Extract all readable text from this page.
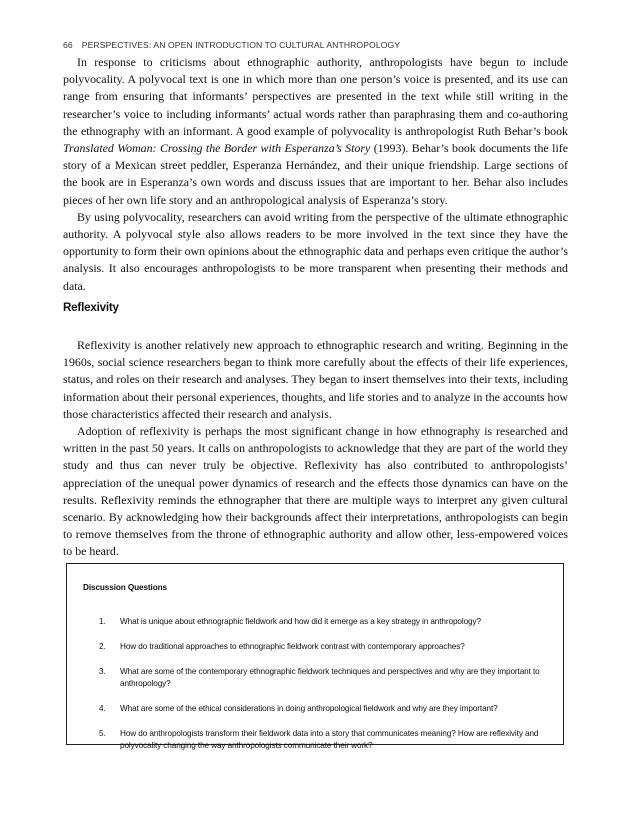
66 PERSPECTIVES: AN OPEN INTRODUCTION TO CULTURAL ANTHROPOLOGY

In response to criticisms about ethnographic authority, anthropologists have begun to include polyvocality. A polyvocal text is one in which more than one person’s voice is presented, and its use can range from ensuring that informants’ perspectives are presented in the text while still writing in the researcher’s voice to including informants’ actual words rather than paraphrasing them and co-authoring the ethnography with an informant. A good example of polyvocality is anthropologist Ruth Behar’s book Translated Woman: Crossing the Border with Esperanza’s Story (1993). Behar’s book documents the life story of a Mexican street peddler, Esperanza Hernández, and their unique friendship. Large sections of the book are in Esperanza’s own words and discuss issues that are important to her. Behar also includes pieces of her own life story and an anthropological analysis of Esperanza’s story.

By using polyvocality, researchers can avoid writing from the perspective of the ultimate ethnographic authority. A polyvocal style also allows readers to be more involved in the text since they have the opportunity to form their own opinions about the ethnographic data and perhaps even critique the author’s analysis. It also encourages anthropologists to be more transparent when presenting their methods and data.

Reflexivity

Reflexivity is another relatively new approach to ethnographic research and writing. Beginning in the 1960s, social science researchers began to think more carefully about the effects of their life experiences, status, and roles on their research and analyses. They began to insert themselves into their texts, including information about their personal experiences, thoughts, and life stories and to analyze in the accounts how those characteristics affected their research and analysis.

Adoption of reflexivity is perhaps the most significant change in how ethnography is researched and written in the past 50 years. It calls on anthropologists to acknowledge that they are part of the world they study and thus can never truly be objective. Reflexivity has also contributed to anthropologists’ appreciation of the unequal power dynamics of research and the effects those dynamics can have on the results. Reflexivity reminds the ethnographer that there are multiple ways to interpret any given cultural scenario. By acknowledging how their backgrounds affect their interpretations, anthropologists can begin to remove themselves from the throne of ethnographic authority and allow other, less-empowered voices to be heard.

Discussion Questions
1. What is unique about ethnographic fieldwork and how did it emerge as a key strategy in anthropology?
2. How do traditional approaches to ethnographic fieldwork contrast with contemporary approaches?
3. What are some of the contemporary ethnographic fieldwork techniques and perspectives and why are they important to anthropology?
4. What are some of the ethical considerations in doing anthropological fieldwork and why are they important?
5. How do anthropologists transform their fieldwork data into a story that communicates meaning? How are reflexivity and polyvocality changing the way anthropologists communicate their work?
